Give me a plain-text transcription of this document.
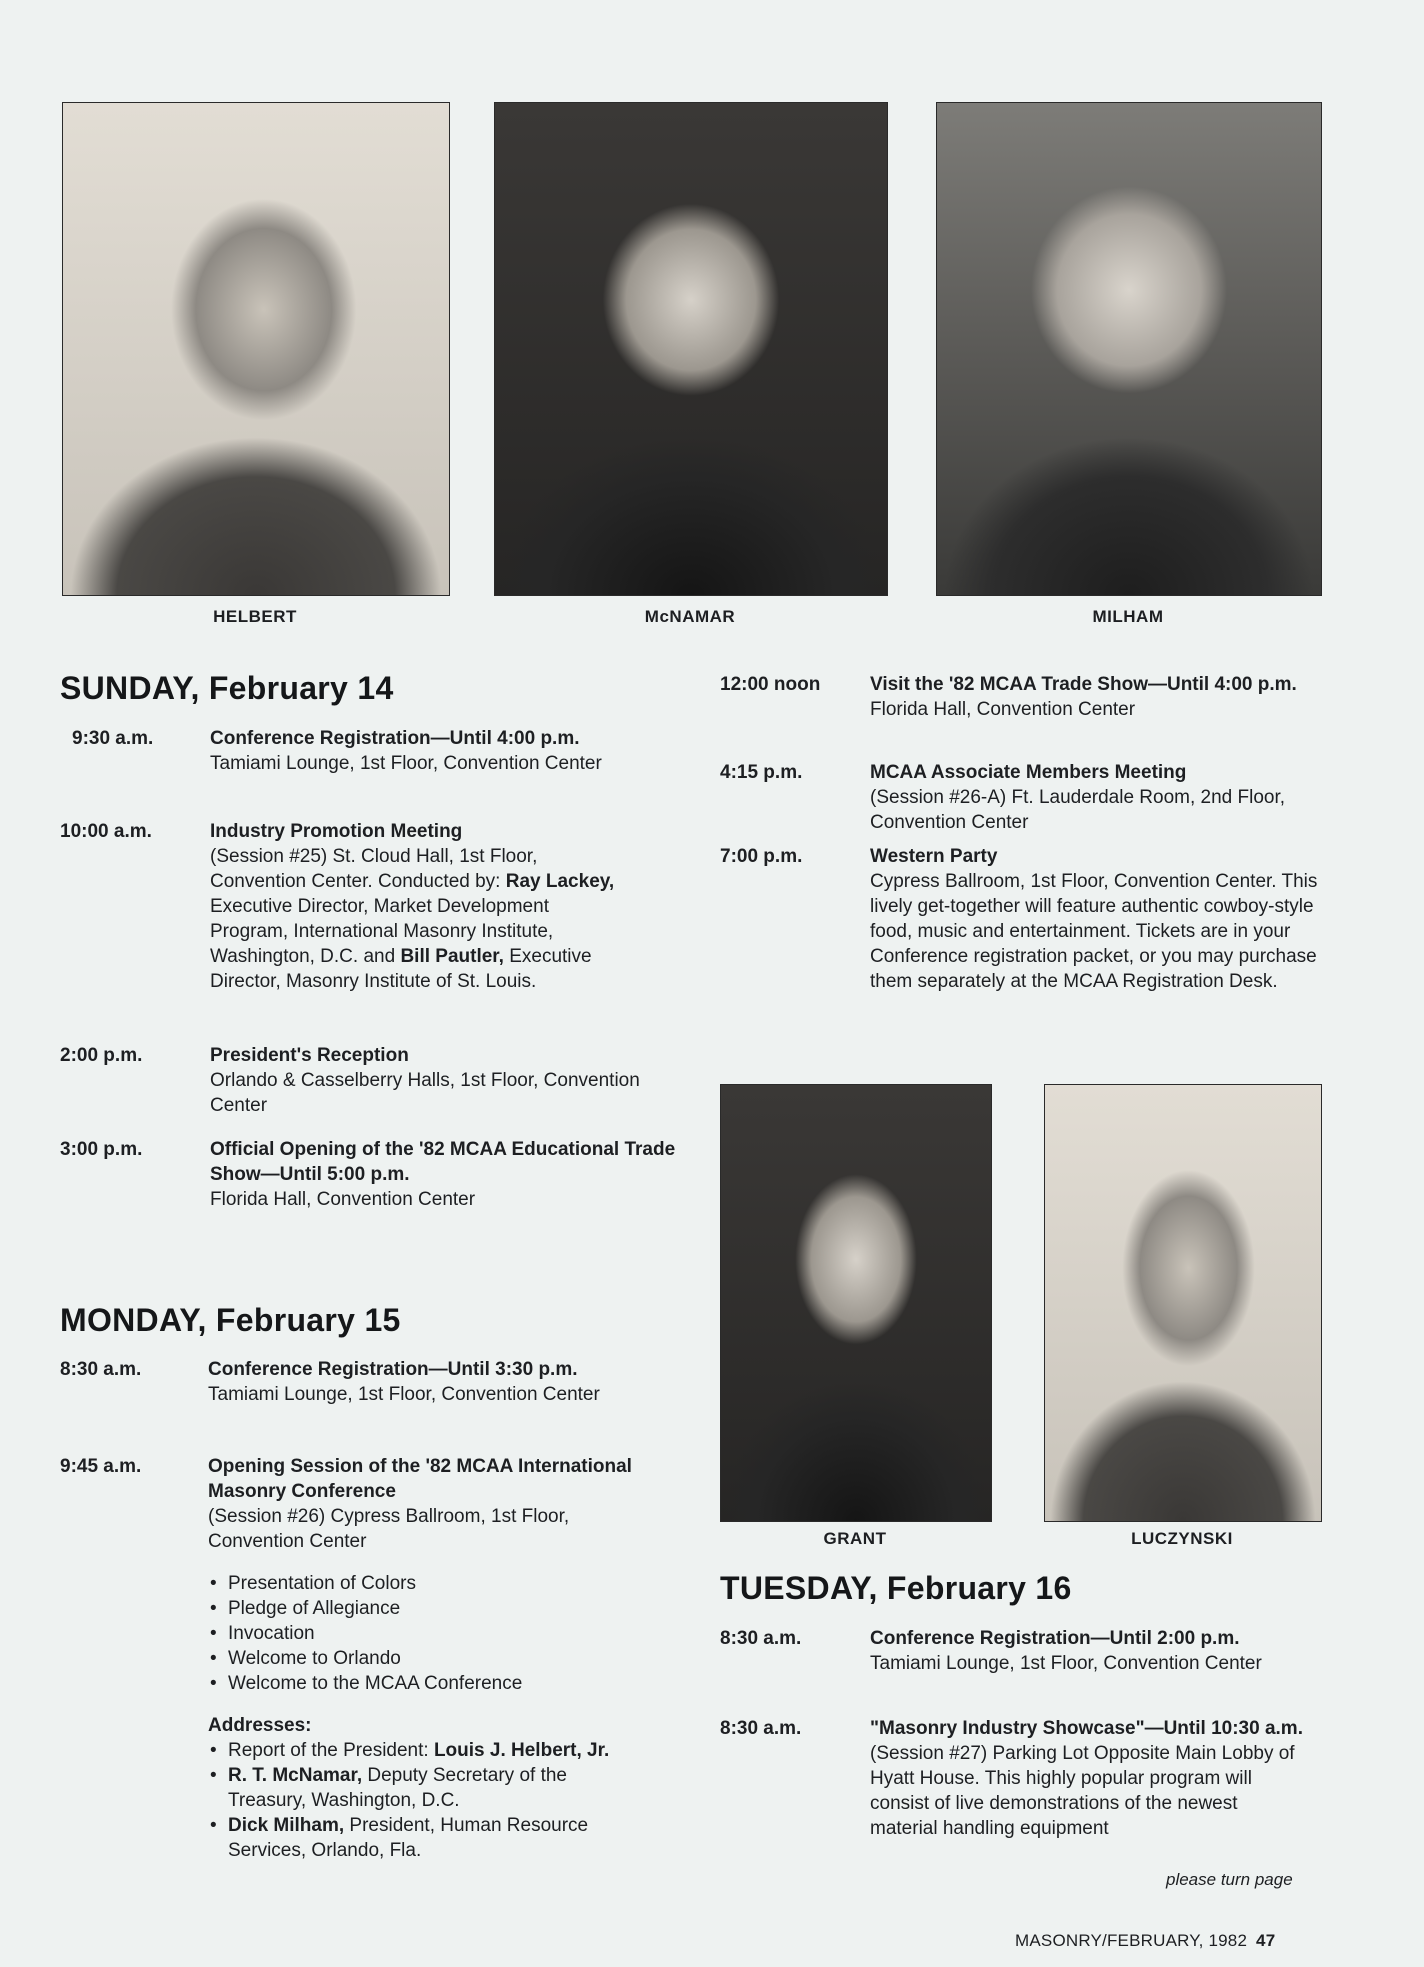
HELBERT	McNAMAR	MILHAM
SUNDAY, February 14
9:30 a.m.	Conference Registration—Until 4:00 p.m.
Tamiami Lounge, 1st Floor, Convention Center
10:00 a.m.	Industry Promotion Meeting
(Session #25) St. Cloud Hall, 1st Floor, Convention Center. Conducted by: Ray Lackey, Executive Director, Market Development Program, International Masonry Institute, Washington, D.C. and Bill Pautler, Executive Director, Masonry Institute of St. Louis.
2:00 p.m.	President's Reception
Orlando & Casselberry Halls, 1st Floor, Convention Center
3:00 p.m.	Official Opening of the '82 MCAA Educational Trade Show—Until 5:00 p.m.
Florida Hall, Convention Center
MONDAY, February 15
8:30 a.m.	Conference Registration—Until 3:30 p.m.
Tamiami Lounge, 1st Floor, Convention Center
9:45 a.m.	Opening Session of the '82 MCAA International Masonry Conference
(Session #26) Cypress Ballroom, 1st Floor, Convention Center
• Presentation of Colors
• Pledge of Allegiance
• Invocation
• Welcome to Orlando
• Welcome to the MCAA Conference
Addresses:
• Report of the President: Louis J. Helbert, Jr.
• R. T. McNamar, Deputy Secretary of the Treasury, Washington, D.C.
• Dick Milham, President, Human Resource Services, Orlando, Fla.
12:00 noon	Visit the '82 MCAA Trade Show—Until 4:00 p.m.
Florida Hall, Convention Center
4:15 p.m.	MCAA Associate Members Meeting
(Session #26-A) Ft. Lauderdale Room, 2nd Floor, Convention Center
7:00 p.m.	Western Party
Cypress Ballroom, 1st Floor, Convention Center. This lively get-together will feature authentic cowboy-style food, music and entertainment. Tickets are in your Conference registration packet, or you may purchase them separately at the MCAA Registration Desk.
GRANT	LUCZYNSKI
TUESDAY, February 16
8:30 a.m.	Conference Registration—Until 2:00 p.m.
Tamiami Lounge, 1st Floor, Convention Center
8:30 a.m.	"Masonry Industry Showcase"—Until 10:30 a.m.
(Session #27) Parking Lot Opposite Main Lobby of Hyatt House. This highly popular program will consist of live demonstrations of the newest material handling equipment
please turn page
MASONRY/FEBRUARY, 1982 47
